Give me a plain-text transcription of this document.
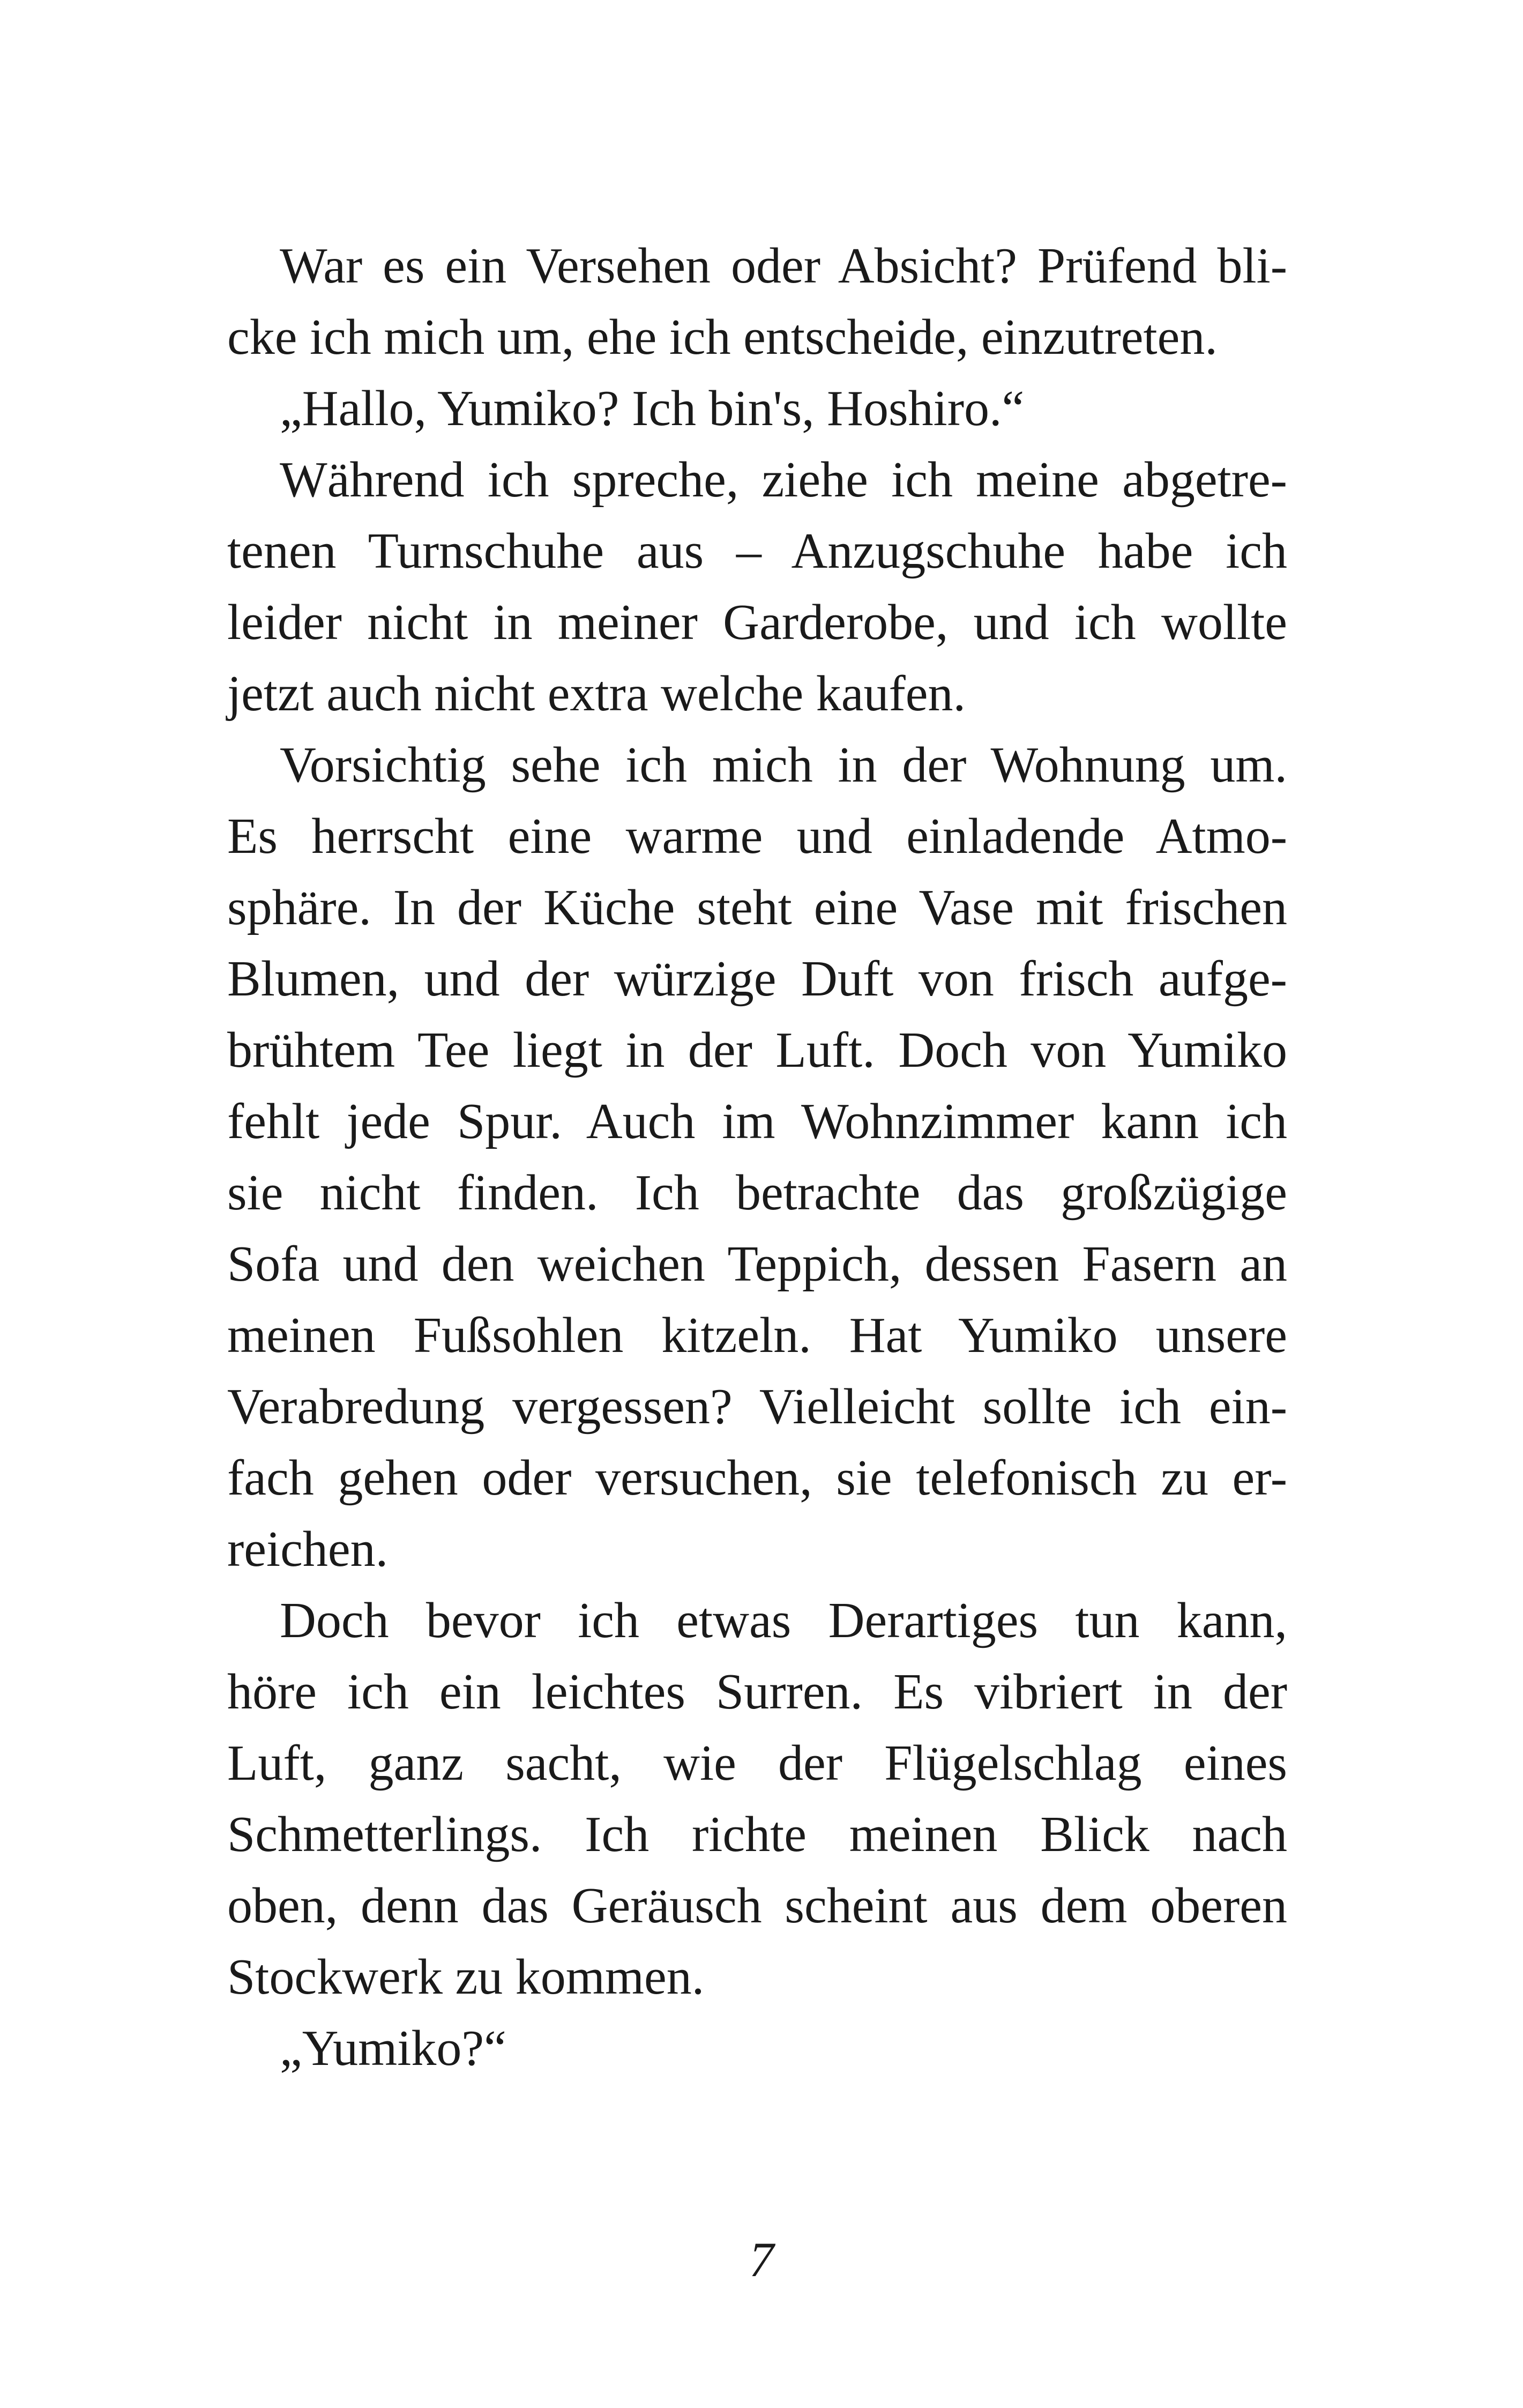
War es ein Versehen oder Absicht? Prüfend bli-
cke ich mich um, ehe ich entscheide, einzutreten.
„Hallo, Yumiko? Ich bin's, Hoshiro.“
Während ich spreche, ziehe ich meine abgetre-
tenen Turnschuhe aus – Anzugschuhe habe ich
leider nicht in meiner Garderobe, und ich wollte
jetzt auch nicht extra welche kaufen.
Vorsichtig sehe ich mich in der Wohnung um.
Es herrscht eine warme und einladende Atmo-
sphäre. In der Küche steht eine Vase mit frischen
Blumen, und der würzige Duft von frisch aufge-
brühtem Tee liegt in der Luft. Doch von Yumiko
fehlt jede Spur. Auch im Wohnzimmer kann ich
sie nicht finden. Ich betrachte das großzügige
Sofa und den weichen Teppich, dessen Fasern an
meinen Fußsohlen kitzeln. Hat Yumiko unsere
Verabredung vergessen? Vielleicht sollte ich ein-
fach gehen oder versuchen, sie telefonisch zu er-
reichen.
Doch bevor ich etwas Derartiges tun kann,
höre ich ein leichtes Surren. Es vibriert in der
Luft, ganz sacht, wie der Flügelschlag eines
Schmetterlings. Ich richte meinen Blick nach
oben, denn das Geräusch scheint aus dem oberen
Stockwerk zu kommen.
„Yumiko?“
7
